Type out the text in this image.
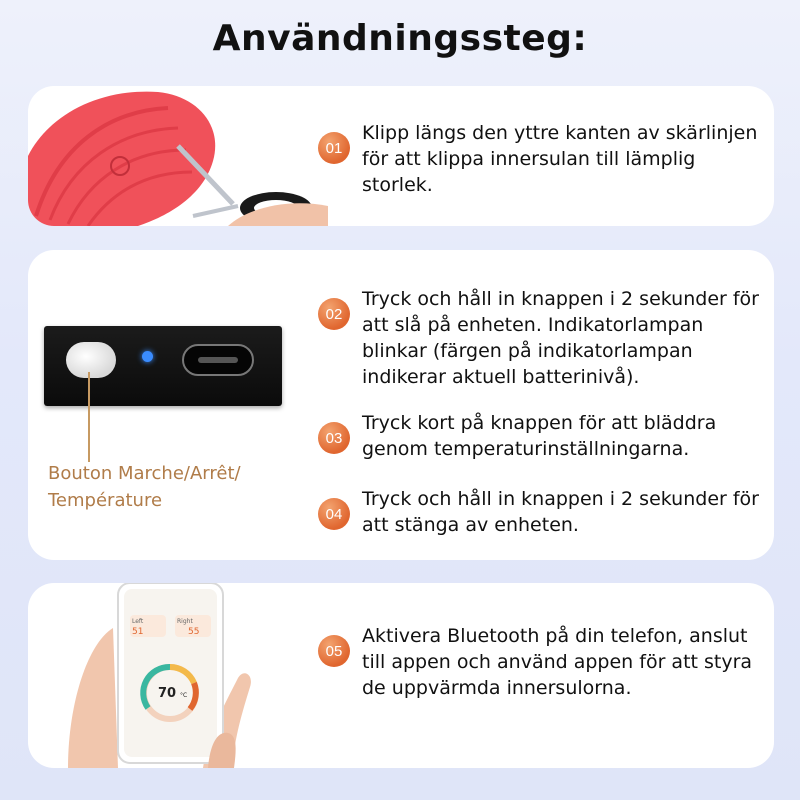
Användningssteg:
01
Klipp längs den yttre kanten av skärlinjen för att klippa innersulan till lämplig storlek.
Bouton Marche/Arrêt/ Température
02
Tryck och håll in knappen i 2 sekunder för att slå på enheten. Indikatorlampan blinkar (färgen på indikatorlampan indikerar aktuell batterinivå).
03
Tryck kort på knappen för att bläddra genom temperaturinställningarna.
04
Tryck och håll in knappen i 2 sekunder för att stänga av enheten.
Left	Right
51	55
70 °C
05
Aktivera Bluetooth på din telefon, anslut till appen och använd appen för att styra de uppvärmda innersulorna.
